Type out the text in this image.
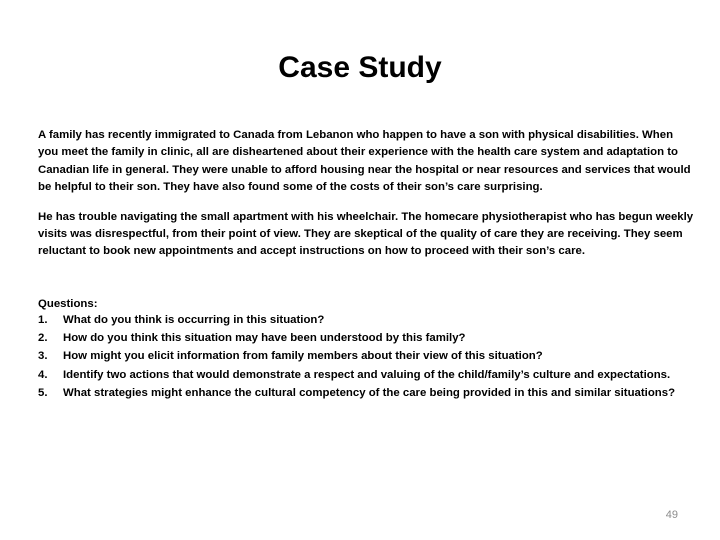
Case Study

A family has recently immigrated to Canada from Lebanon who happen to have a son with physical disabilities. When you meet the family in clinic, all are disheartened about their experience with the health care system and adaptation to Canadian life in general. They were unable to afford housing near the hospital or near resources and services that would be helpful to their son. They have also found some of the costs of their son’s care surprising.

He has trouble navigating the small apartment with his wheelchair. The homecare physiotherapist who has begun weekly visits was disrespectful, from their point of view. They are skeptical of the quality of care they are receiving. They seem reluctant to book new appointments and accept instructions on how to proceed with their son’s care.

Questions:
1.	What do you think is occurring in this situation?
2.	How do you think this situation may have been understood by this family?
3.	How might you elicit information from family members about their view of this situation?
4.	Identify two actions that would demonstrate a respect and valuing of the child/family’s culture and expectations.
5.	What strategies might enhance the cultural competency of the care being provided in this and similar situations?
49
